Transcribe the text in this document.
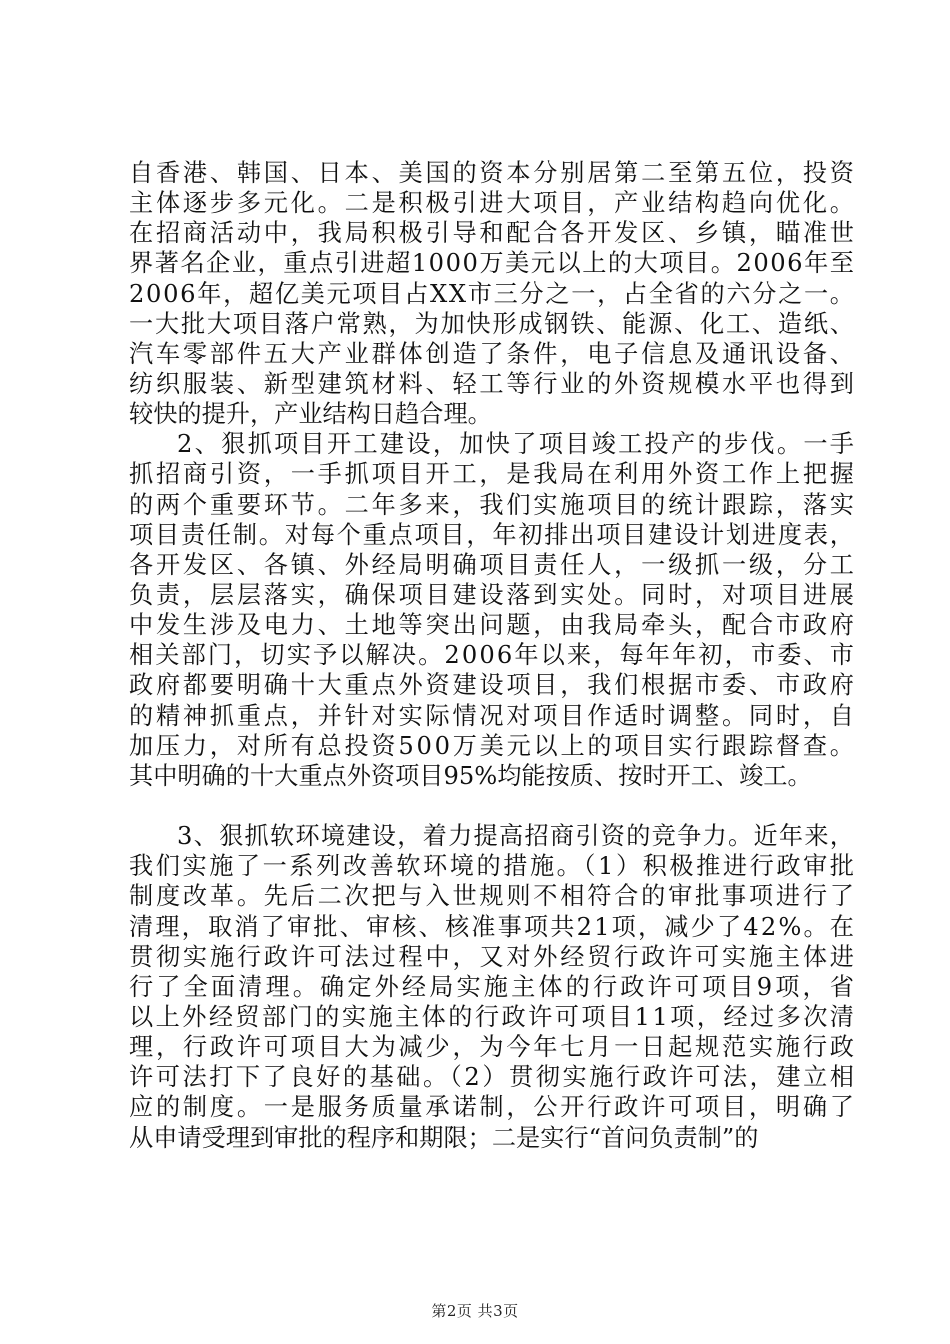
自香港、韩国、日本、美国的资本分别居第二至第五位，投资
主体逐步多元化。二是积极引进大项目，产业结构趋向优化。
在招商活动中，我局积极引导和配合各开发区、乡镇，瞄准世
界著名企业，重点引进超1000万美元以上的大项目。2006年至
2006年，超亿美元项目占XX市三分之一，占全省的六分之一。
一大批大项目落户常熟，为加快形成钢铁、能源、化工、造纸、
汽车零部件五大产业群体创造了条件，电子信息及通讯设备、
纺织服装、新型建筑材料、轻工等行业的外资规模水平也得到
较快的提升，产业结构日趋合理。
2、狠抓项目开工建设，加快了项目竣工投产的步伐。一手
抓招商引资，一手抓项目开工，是我局在利用外资工作上把握
的两个重要环节。二年多来，我们实施项目的统计跟踪，落实
项目责任制。对每个重点项目，年初排出项目建设计划进度表，
各开发区、各镇、外经局明确项目责任人，一级抓一级，分工
负责，层层落实，确保项目建设落到实处。同时，对项目进展
中发生涉及电力、土地等突出问题，由我局牵头，配合市政府
相关部门，切实予以解决。2006年以来，每年年初，市委、市
政府都要明确十大重点外资建设项目，我们根据市委、市政府
的精神抓重点，并针对实际情况对项目作适时调整。同时，自
加压力，对所有总投资500万美元以上的项目实行跟踪督查。
其中明确的十大重点外资项目95%均能按质、按时开工、竣工。
3、狠抓软环境建设，着力提高招商引资的竞争力。近年来，
我们实施了一系列改善软环境的措施。（1）积极推进行政审批
制度改革。先后二次把与入世规则不相符合的审批事项进行了
清理，取消了审批、审核、核准事项共21项，减少了42%。在
贯彻实施行政许可法过程中，又对外经贸行政许可实施主体进
行了全面清理。确定外经局实施主体的行政许可项目9项，省
以上外经贸部门的实施主体的行政许可项目11项，经过多次清
理，行政许可项目大为减少，为今年七月一日起规范实施行政
许可法打下了良好的基础。（2）贯彻实施行政许可法，建立相
应的制度。一是服务质量承诺制，公开行政许可项目，明确了
从申请受理到审批的程序和期限；二是实行“首问负责制”的
第2页 共3页
